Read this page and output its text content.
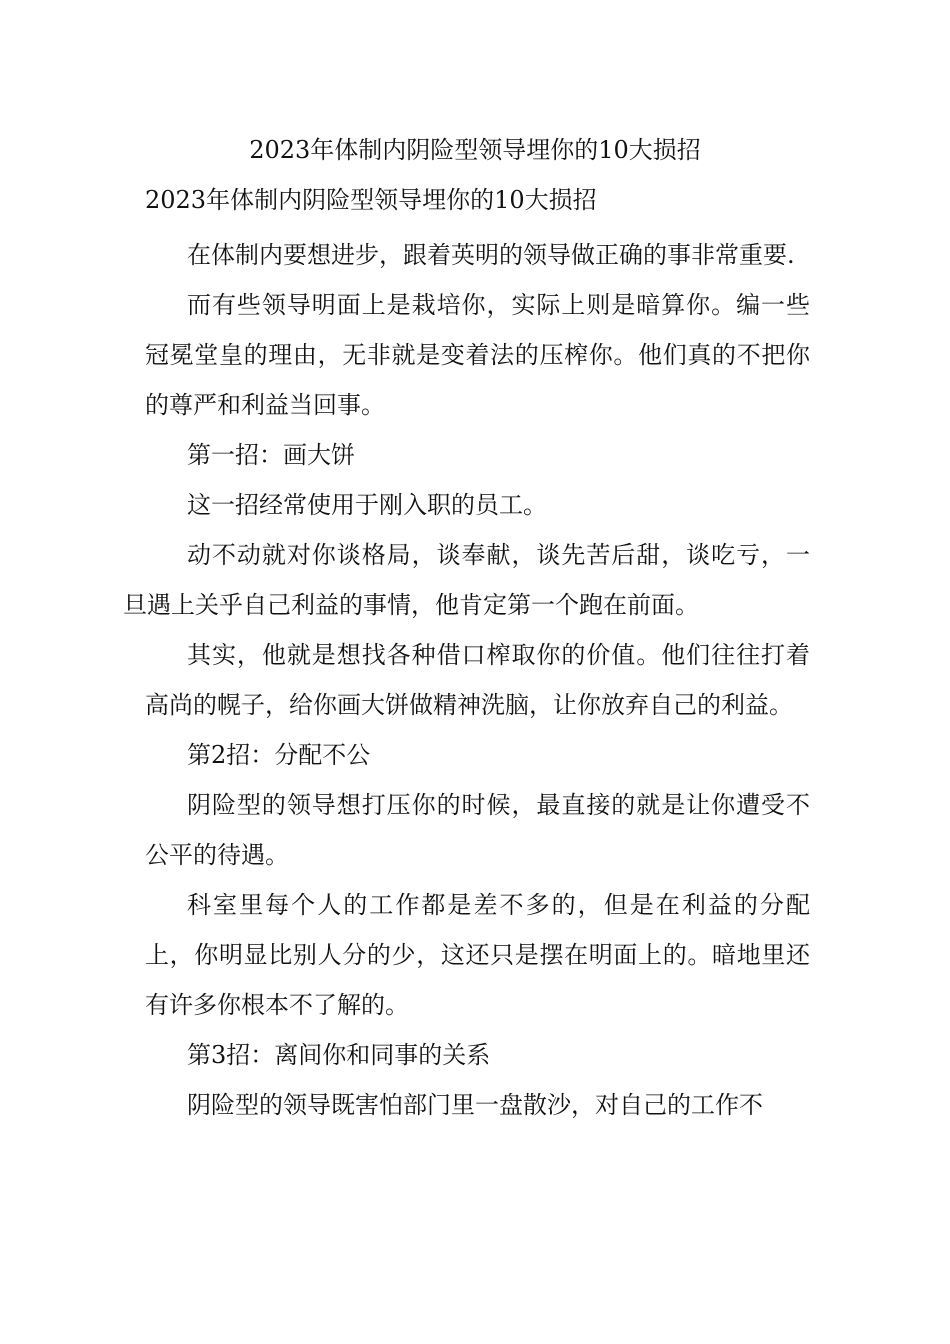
2023年体制内阴险型领导埋你的10大损招

2023年体制内阴险型领导埋你的10大损招

在体制内要想进步，跟着英明的领导做正确的事非常重要.

而有些领导明面上是栽培你，实际上则是暗算你。编一些冠冕堂皇的理由，无非就是变着法的压榨你。他们真的不把你的尊严和利益当回事。

第一招：画大饼

这一招经常使用于刚入职的员工。

动不动就对你谈格局，谈奉献，谈先苦后甜，谈吃亏，一旦遇上关乎自己利益的事情，他肯定第一个跑在前面。

其实，他就是想找各种借口榨取你的价值。他们往往打着高尚的幌子，给你画大饼做精神洗脑，让你放弃自己的利益。

第2招：分配不公

阴险型的领导想打压你的时候，最直接的就是让你遭受不公平的待遇。

科室里每个人的工作都是差不多的，但是在利益的分配上，你明显比别人分的少，这还只是摆在明面上的。暗地里还有许多你根本不了解的。

第3招：离间你和同事的关系

阴险型的领导既害怕部门里一盘散沙，对自己的工作不
